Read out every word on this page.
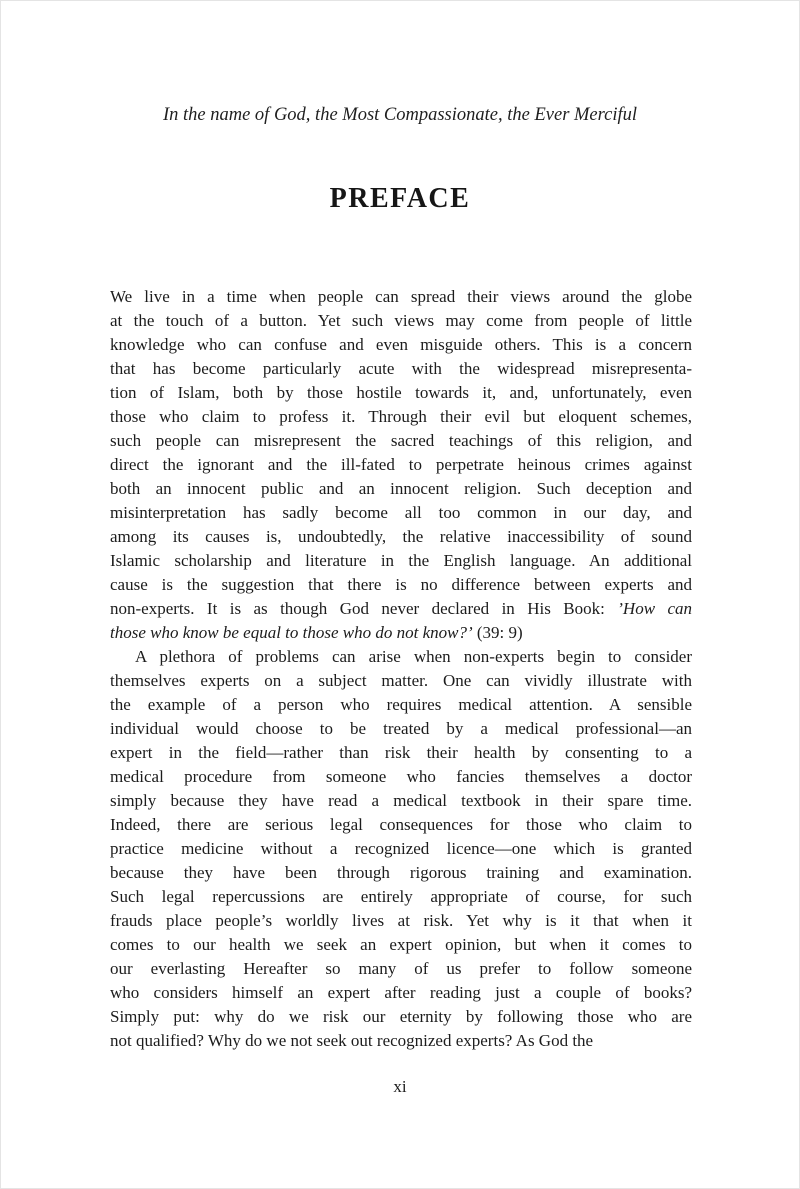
In the name of God, the Most Compassionate, the Ever Merciful
PREFACE
We live in a time when people can spread their views around the globe
at the touch of a button. Yet such views may come from people of little
knowledge who can confuse and even misguide others. This is a concern
that has become particularly acute with the widespread misrepresenta-
tion of Islam, both by those hostile towards it, and, unfortunately, even
those who claim to profess it. Through their evil but eloquent schemes,
such people can misrepresent the sacred teachings of this religion, and
direct the ignorant and the ill-fated to perpetrate heinous crimes against
both an innocent public and an innocent religion. Such deception and
misinterpretation has sadly become all too common in our day, and
among its causes is, undoubtedly, the relative inaccessibility of sound
Islamic scholarship and literature in the English language. An additional
cause is the suggestion that there is no difference between experts and
non-experts. It is as though God never declared in His Book: ’How can
those who know be equal to those who do not know?’ (39: 9)
A plethora of problems can arise when non-experts begin to consider
themselves experts on a subject matter. One can vividly illustrate with
the example of a person who requires medical attention. A sensible
individual would choose to be treated by a medical professional—an
expert in the field—rather than risk their health by consenting to a
medical procedure from someone who fancies themselves a doctor
simply because they have read a medical textbook in their spare time.
Indeed, there are serious legal consequences for those who claim to
practice medicine without a recognized licence—one which is granted
because they have been through rigorous training and examination.
Such legal repercussions are entirely appropriate of course, for such
frauds place people’s worldly lives at risk. Yet why is it that when it
comes to our health we seek an expert opinion, but when it comes to
our everlasting Hereafter so many of us prefer to follow someone
who considers himself an expert after reading just a couple of books?
Simply put: why do we risk our eternity by following those who are
not qualified? Why do we not seek out recognized experts? As God the
xi
